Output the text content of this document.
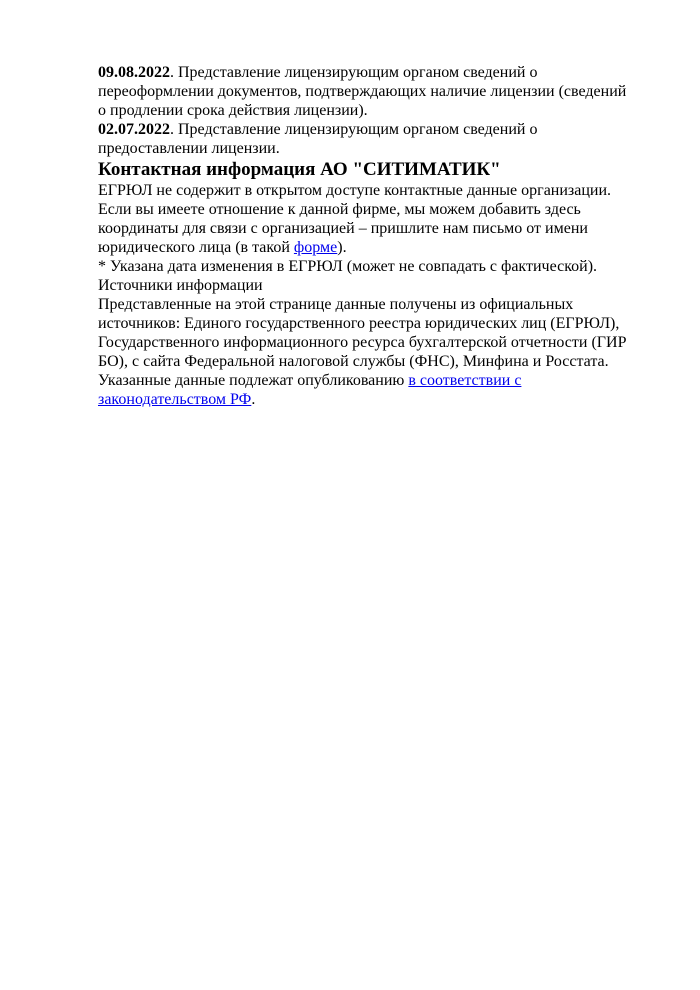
09.08.2022. Представление лицензирующим органом сведений о переоформлении документов, подтверждающих наличие лицензии (сведений о продлении срока действия лицензии).

02.07.2022. Представление лицензирующим органом сведений о предоставлении лицензии.

Контактная информация АО "СИТИМАТИК"

ЕГРЮЛ не содержит в открытом доступе контактные данные организации. Если вы имеете отношение к данной фирме, мы можем добавить здесь координаты для связи с организацией – пришлите нам письмо от имени юридического лица (в такой форме).

* Указана дата изменения в ЕГРЮЛ (может не совпадать с фактической).

Источники информации

Представленные на этой странице данные получены из официальных источников: Единого государственного реестра юридических лиц (ЕГРЮЛ), Государственного информационного ресурса бухгалтерской отчетности (ГИР БО), с сайта Федеральной налоговой службы (ФНС), Минфина и Росстата. Указанные данные подлежат опубликованию в соответствии с законодательством РФ.
